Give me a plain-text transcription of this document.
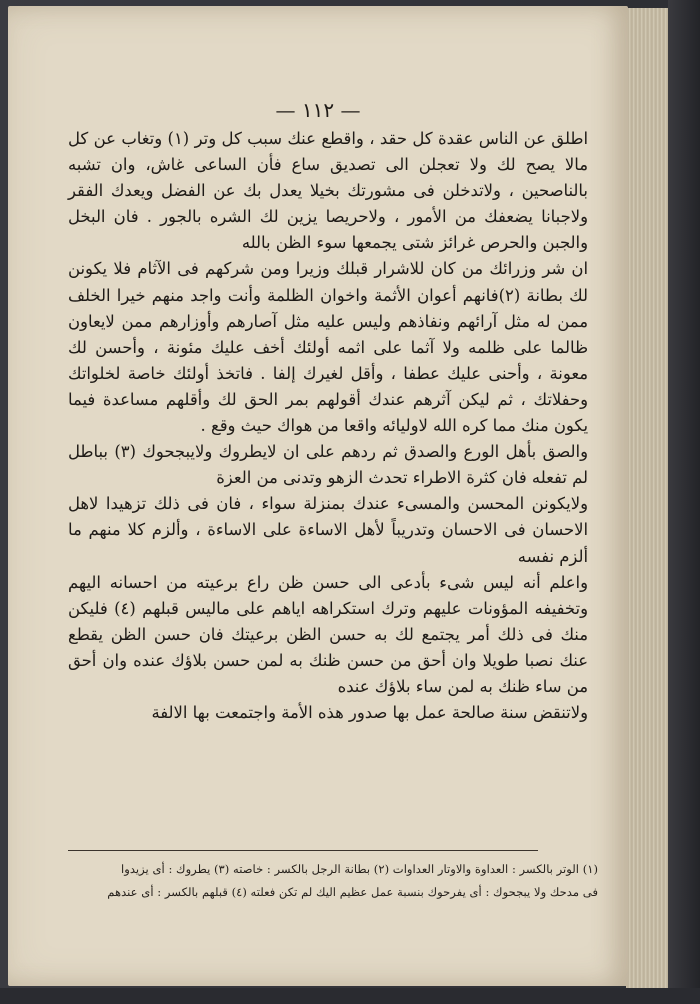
— ١١٢ —

اطلق عن الناس عقدة كل حقد ، واقطع عنك سبب كل وتر (١) وتغاب عن كل مالا يصح لك ولا تعجلن الى تصديق ساع فأن الساعى غاش، وان تشبه بالناصحين ، ولاتدخلن فى مشورتك بخيلا يعدل بك عن الفضل ويعدك الفقر ولاجبانا يضعفك من الأمور ، ولاحريصا يزين لك الشره بالجور . فان البخل والجبن والحرص غرائز شتى يجمعها سوء الظن بالله

ان شر وزرائك من كان للاشرار قبلك وزيرا ومن شركهم فى الآثام فلا يكونن لك بطانة (٢)فانهم أعوان الأثمة واخوان الظلمة وأنت واجد منهم خيرا الخلف ممن له مثل آرائهم ونفاذهم وليس عليه مثل آصارهم وأوزارهم ممن لايعاون ظالما على ظلمه ولا آثما على اثمه أولئك أخف عليك مئونة ، وأحسن لك معونة ، وأحنى عليك عطفا ، وأقل لغيرك إلفا . فاتخذ أولئك خاصة لخلواتك وحفلاتك ، ثم ليكن آثرهم عندك أقولهم بمر الحق لك وأقلهم مساعدة فيما يكون منك مما كره الله لاوليائه واقعا من هواك حيث وقع .

والصق بأهل الورع والصدق ثم ردهم على ان لايطروك ولايبجحوك (٣) بباطل لم تفعله فان كثرة الاطراء تحدث الزهو وتدنى من العزة

ولايكونن المحسن والمسىء عندك بمنزلة سواء ، فان فى ذلك تزهيدا لاهل الاحسان فى الاحسان وتدريباً لأهل الاساءة على الاساءة ، وألزم كلا منهم ما ألزم نفسه

واعلم أنه ليس شىء بأدعى الى حسن ظن راع برعيته من احسانه اليهم وتخفيفه المؤونات عليهم وترك استكراهه اياهم على ماليس قبلهم (٤) فليكن منك فى ذلك أمر يجتمع لك به حسن الظن برعيتك فان حسن الظن يقطع عنك نصبا طويلا وان أحق من حسن ظنك به لمن حسن بلاؤك عنده وان أحق من ساء ظنك به لمن ساء بلاؤك عنده

ولاتنقض سنة صالحة عمل بها صدور هذه الأمة واجتمعت بها الالفة

(١) الوتر بالكسر : العداوة والاوتار العداوات (٢) بطانة الرجل بالكسر : خاصته (٣) يطروك : أى يزيدوا

فى مدحك ولا يبجحوك : أى يفرحوك بنسبة عمل عظيم اليك لم تكن فعلته (٤) قبلهم بالكسر : أى عندهم
